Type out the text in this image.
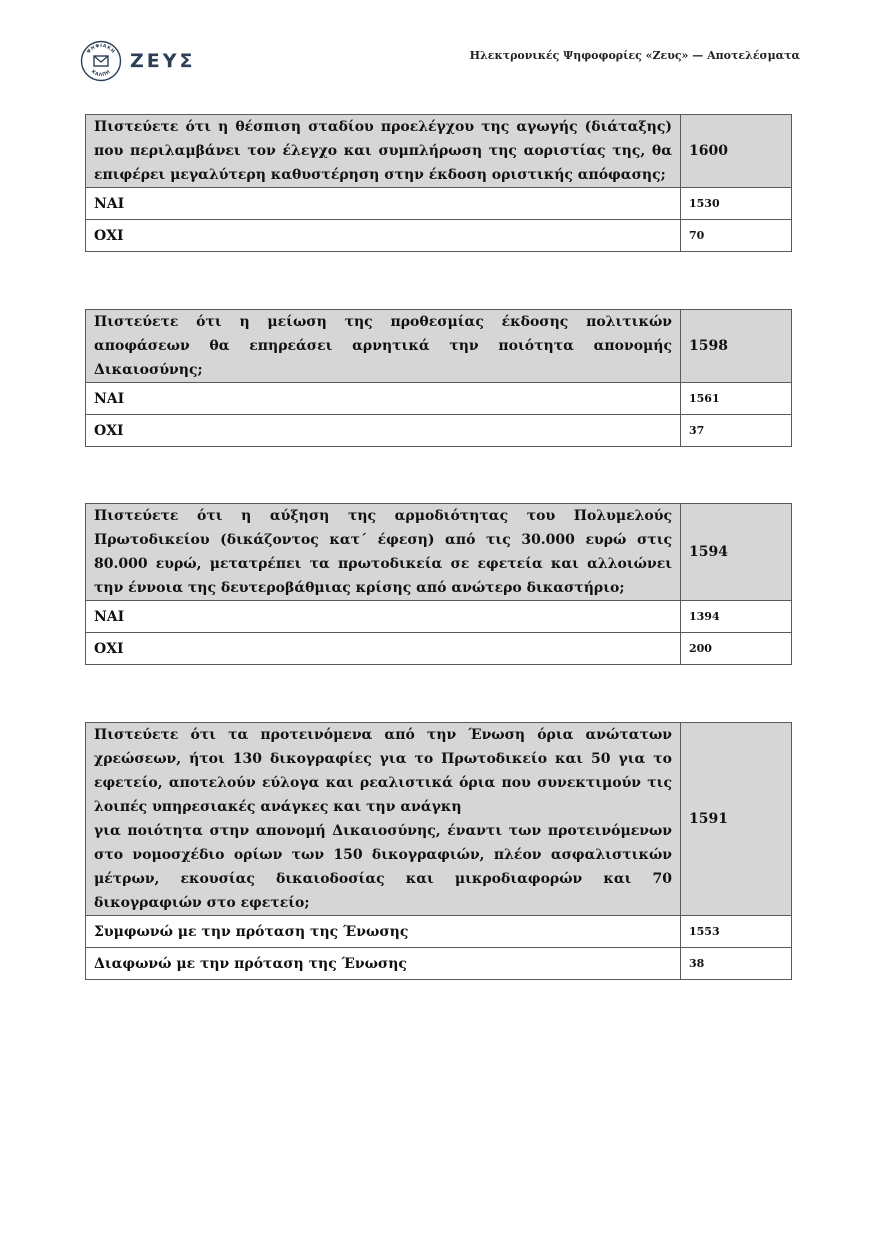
ΨΗΦΙΑΚΗ
ΚΑΛΠΗ
ΖΕΥΣ	Ηλεκτρονικές Ψηφοφορίες «Ζευς» — Αποτελέσματα
Πιστεύετε ότι η θέσπιση σταδίου προελέγχου της αγωγής (διάταξης) που περιλαμβάνει τον έλεγχο και συμπλήρωση της αοριστίας της, θα επιφέρει μεγαλύτερη καθυστέρηση στην έκδοση οριστικής απόφασης;	1600
ΝΑΙ	1530
ΟΧΙ	70
Πιστεύετε ότι η μείωση της προθεσμίας έκδοσης πολιτικών αποφάσεων θα επηρεάσει αρνητικά την ποιότητα απονομής Δικαιοσύνης;	1598
ΝΑΙ	1561
ΟΧΙ	37
Πιστεύετε ότι η αύξηση της αρμοδιότητας του Πολυμελούς Πρωτοδικείου (δικάζοντος κατ΄ έφεση) από τις 30.000 ευρώ στις 80.000 ευρώ, μετατρέπει τα πρωτοδικεία σε εφετεία και αλλοιώνει την έννοια της δευτεροβάθμιας κρίσης από ανώτερο δικαστήριο;	1594
ΝΑΙ	1394
ΟΧΙ	200
Πιστεύετε ότι τα προτεινόμενα από την Ένωση όρια ανώτατων χρεώσεων, ήτοι 130 δικογραφίες για το Πρωτοδικείο και 50 για το εφετείο, αποτελούν εύλογα και ρεαλιστικά όρια που συνεκτιμούν τις λοιπές υπηρεσιακές ανάγκες και την ανάγκη
για ποιότητα στην απονομή Δικαιοσύνης, έναντι των προτεινόμενων στο νομοσχέδιο ορίων των 150 δικογραφιών, πλέον ασφαλιστικών μέτρων, εκουσίας δικαιοδοσίας και μικροδιαφορών και 70 δικογραφιών στο εφετείο;	1591
Συμφωνώ με την πρόταση της Ένωσης	1553
Διαφωνώ με την πρόταση της Ένωσης	38
